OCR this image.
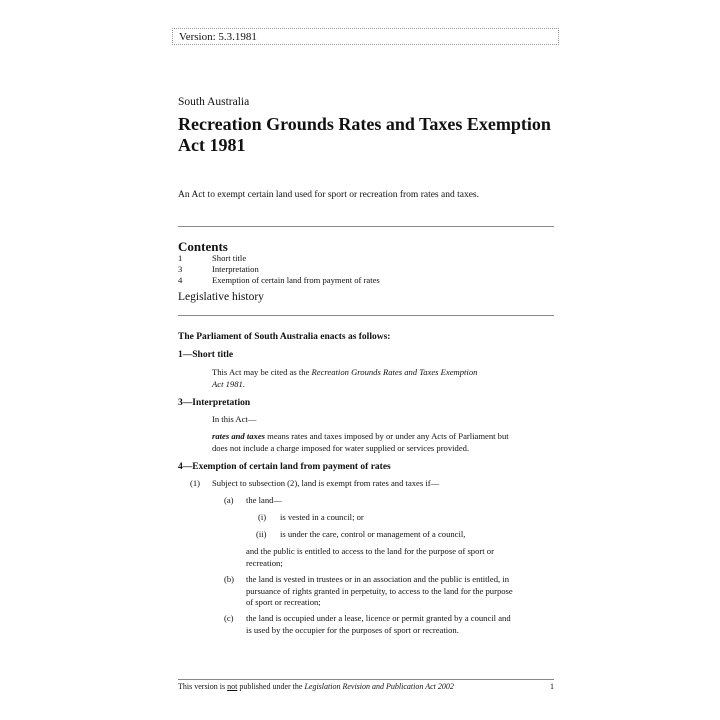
Version: 5.3.1981
South Australia
Recreation Grounds Rates and Taxes Exemption
Act 1981
An Act to exempt certain land used for sport or recreation from rates and taxes.
Contents
1	Short title
3	Interpretation
4	Exemption of certain land from payment of rates
Legislative history
The Parliament of South Australia enacts as follows:
1—Short title
This Act may be cited as the Recreation Grounds Rates and Taxes Exemption
Act 1981.
3—Interpretation
In this Act—
rates and taxes means rates and taxes imposed by or under any Acts of Parliament but
does not include a charge imposed for water supplied or services provided.
4—Exemption of certain land from payment of rates
(1) Subject to subsection (2), land is exempt from rates and taxes if—
(a) the land—
(i) is vested in a council; or
(ii) is under the care, control or management of a council,
and the public is entitled to access to the land for the purpose of sport or
recreation;
(b) the land is vested in trustees or in an association and the public is entitled, in
pursuance of rights granted in perpetuity, to access to the land for the purpose
of sport or recreation;
(c) the land is occupied under a lease, licence or permit granted by a council and
is used by the occupier for the purposes of sport or recreation.
This version is not published under the Legislation Revision and Publication Act 2002	1
